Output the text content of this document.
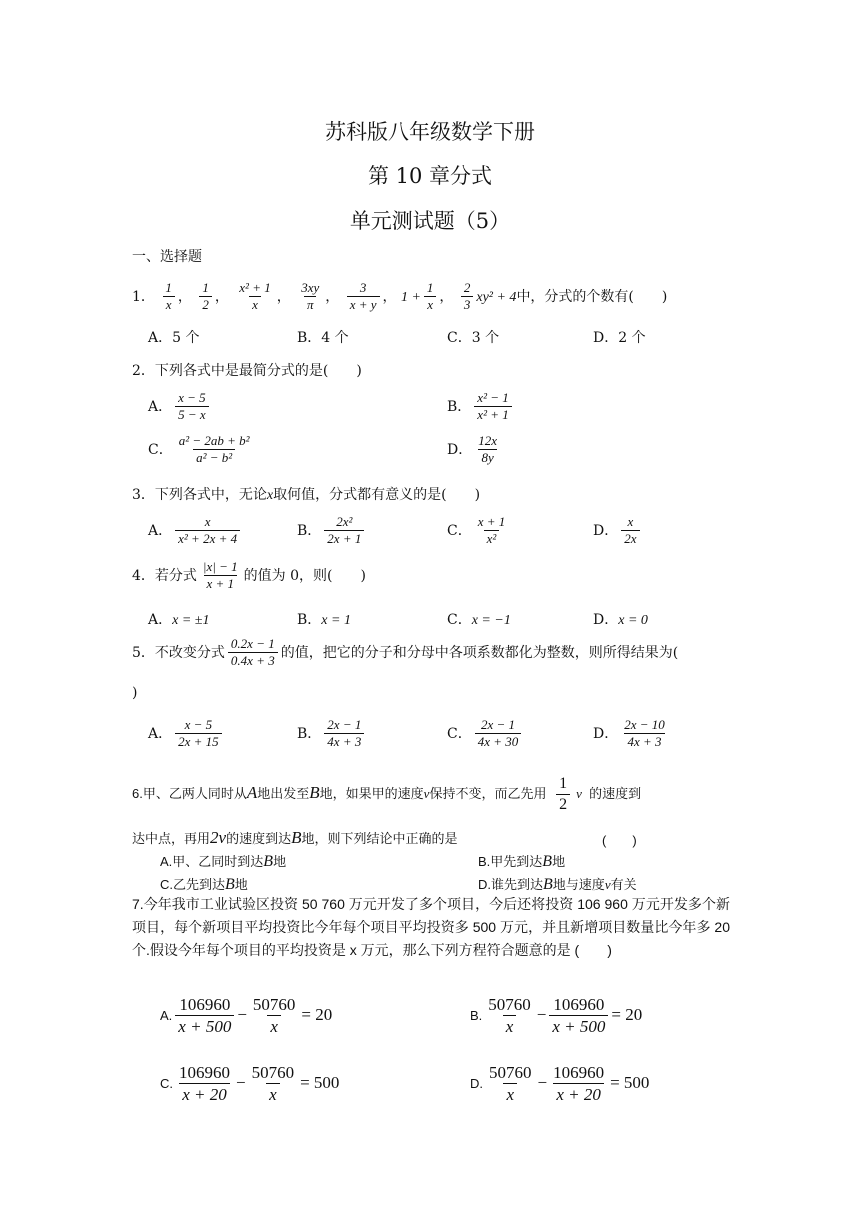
苏科版八年级数学下册
第 10 章分式
单元测试题（5）
一、选择题
1． $\frac{1}{x}$ ， $\frac{1}{2}$ ， $\frac{\text{x² + 1}}{x}$ ， $\frac{3xy}{\pi}$ ， $\frac{3}{x + y}$ ， $1 + \frac{1}{x}$ ， $\frac{2}{3} xy^2 + 4$中，分式的个数有(　　)
A．5 个	B．4 个	C．3 个	D．2 个
2．下列各式中是最简分式的是(　　)
A． $\frac{x - 5}{5 - x}$	B． $\frac{\text{x² − 1}}{\text{x² + 1}}$
C． $\frac{\text{a² − 2ab + b²}}{\text{a² − b²}}$	D． $\frac{12x}{8y}$
3．下列各式中，无论x取何值，分式都有意义的是(　　)
A． $\frac{x}{\text{x² + 2x + 4}}$	B． $\frac{\text{2x²}}{2x + 1}$	C． $\frac{x + 1}{\text{x²}}$	D． $\frac{x}{2x}$
4．若分式 $\frac{|x| - 1}{x + 1}$ 的值为 0，则(　　)
A．x = ±1	B．x = 1	C．x = −1	D．x = 0
5．不改变分式 $\frac{0.2x - 1}{0.4x + 3}$ 的值，把它的分子和分母中各项系数都化为整数，则所得结果为(
)
A． $\frac{x - 5}{2x + 15}$	B． $\frac{2x - 1}{4x + 3}$	C． $\frac{2x - 1}{4x + 30}$	D． $\frac{2x - 10}{4x + 3}$
6.甲、乙两人同时从A地出发至B地，如果甲的速度v保持不变，而乙先用 $\frac{1}{2}$ v 的速度到
达中点，再用2v的速度到达B地，则下列结论中正确的是	(　　)
A.甲、乙同时到达B地	B.甲先到达B地
C.乙先到达B地	D.谁先到达B地与速度v有关
7.今年我市工业试验区投资 50 760 万元开发了多个项目，今后还将投资 106 960 万元开发多个新项目，每个新项目平均投资比今年每个项目平均投资多 500 万元，并且新增项目数量比今年多 20 个.假设今年每个项目的平均投资是 x 万元，那么下列方程符合题意的是 (　　)
A. $\frac{106960}{x + 500} - \frac{50760}{x} = 20$	B. $\frac{50760}{x} - \frac{106960}{x + 500} = 20$
C. $\frac{106960}{x + 20} - \frac{50760}{x} = 500$	D. $\frac{50760}{x} - \frac{106960}{x + 20} = 500$
